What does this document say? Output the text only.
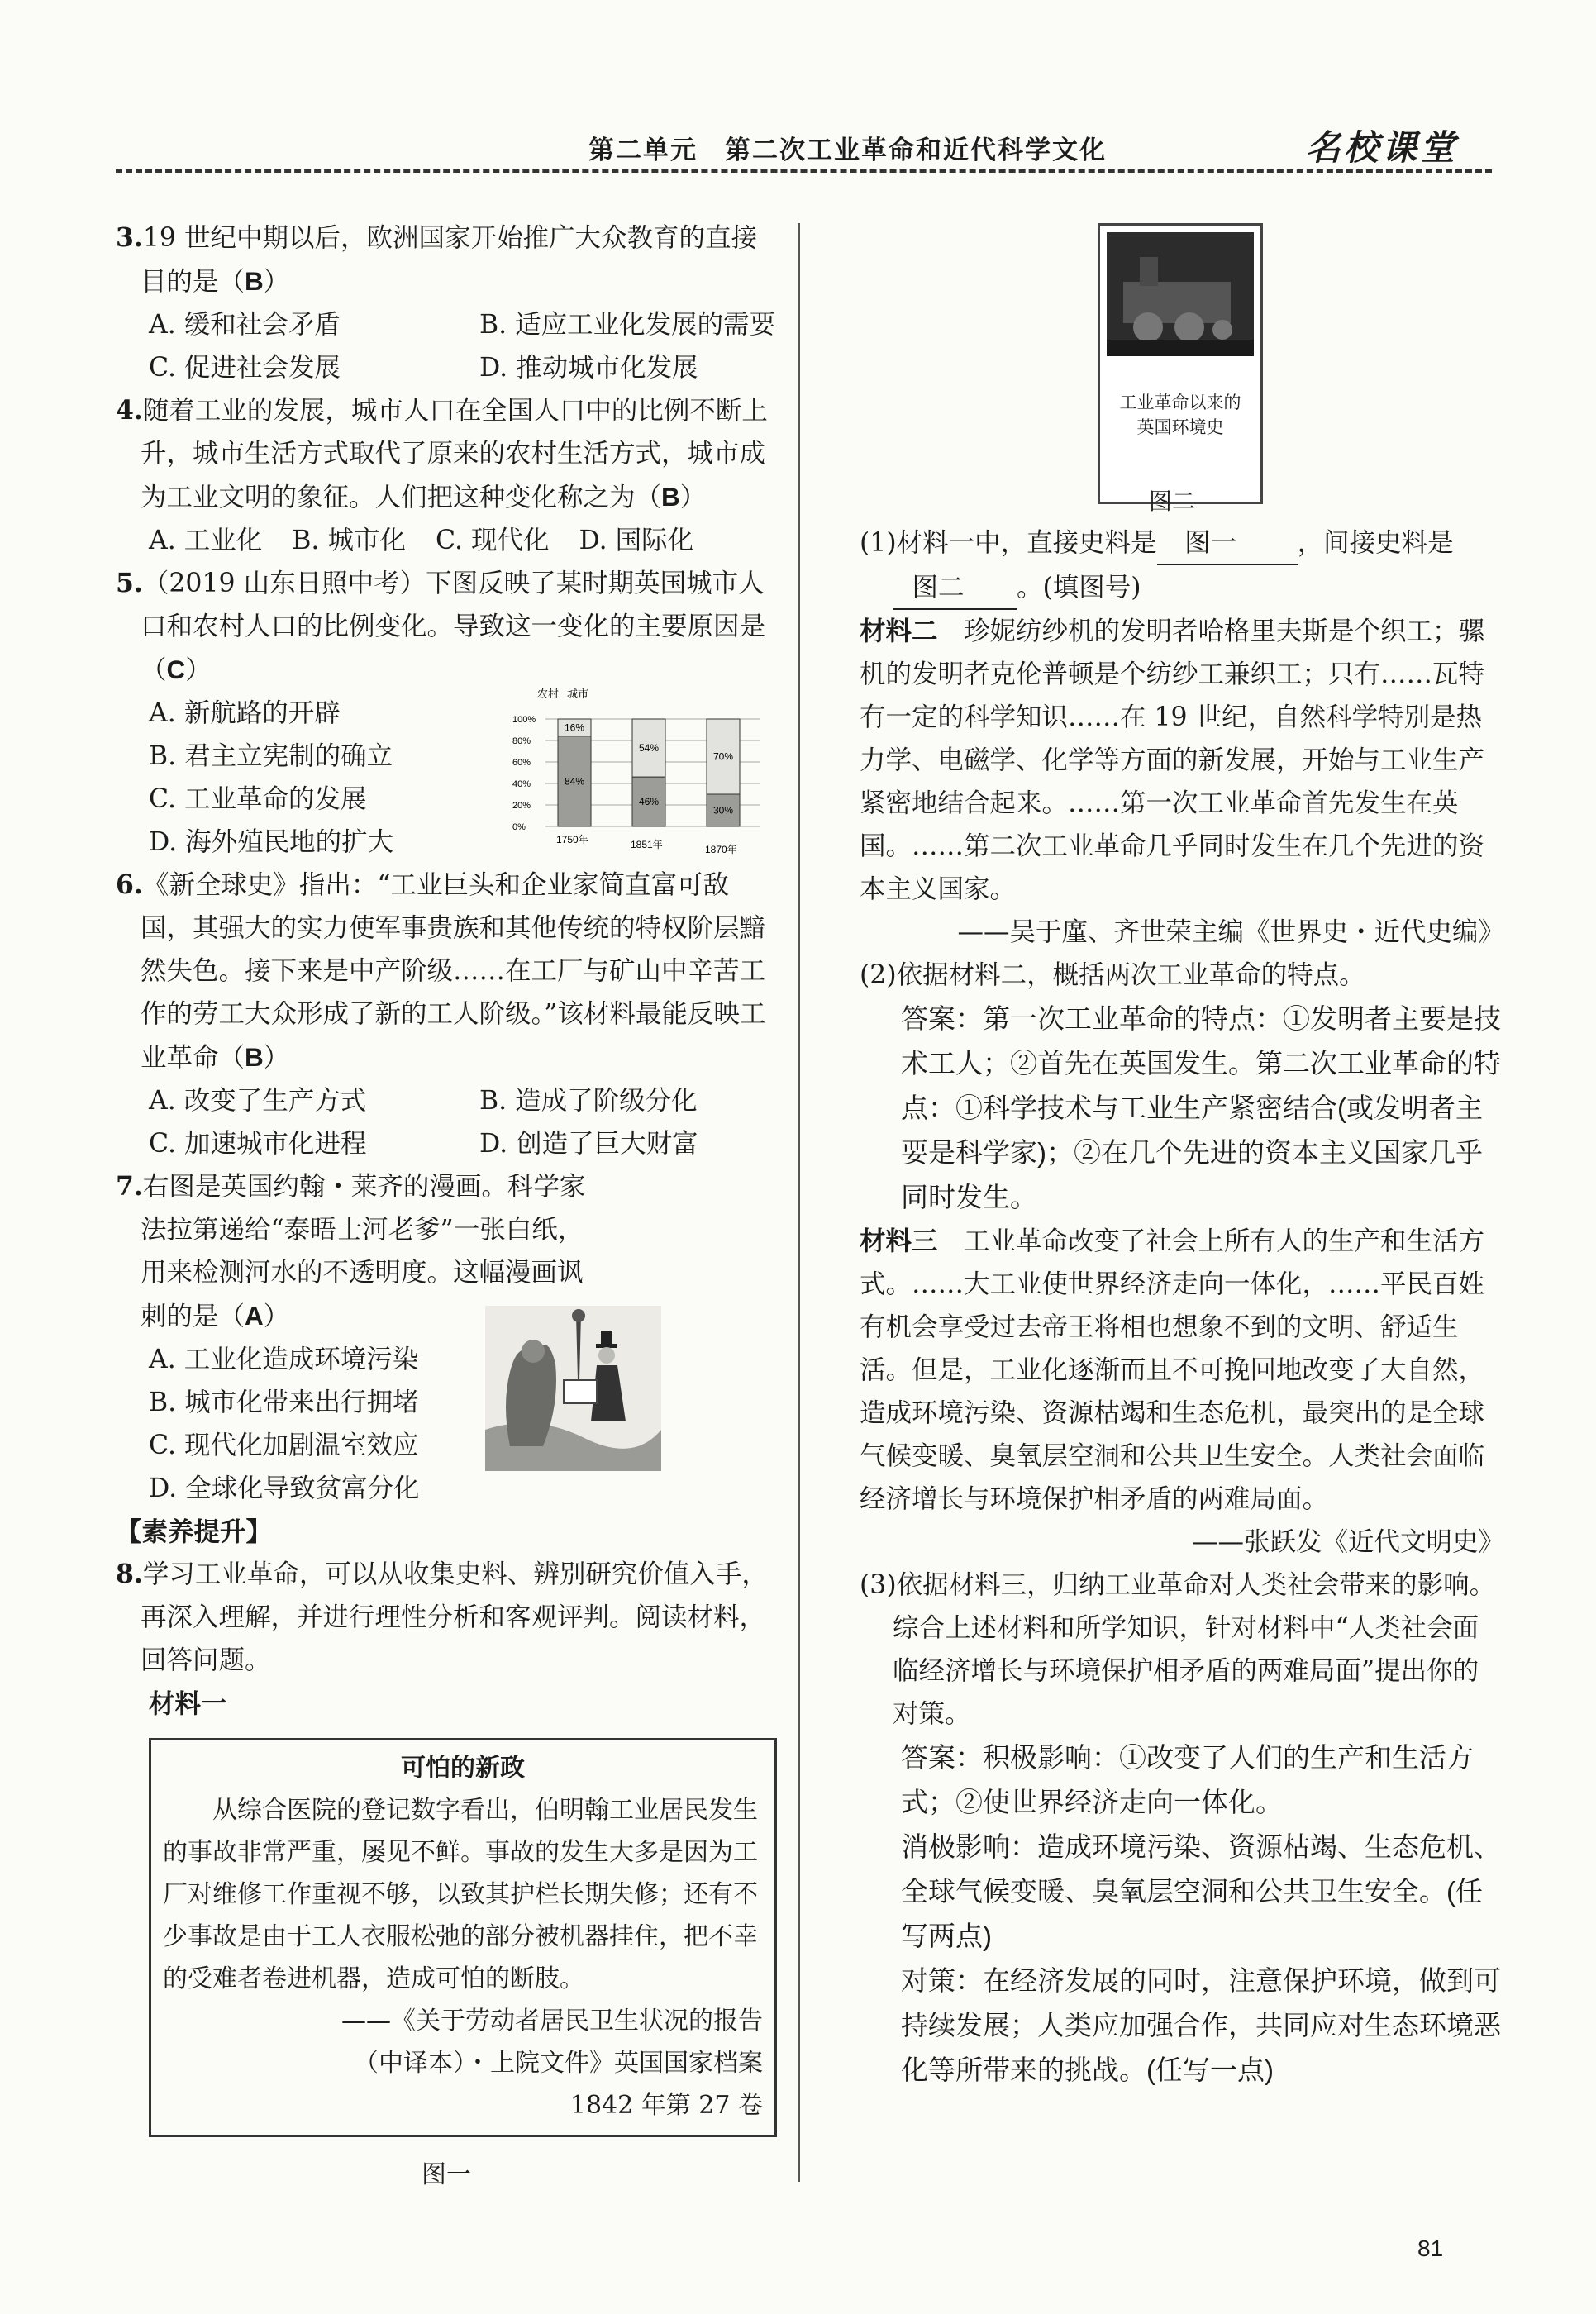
第二单元　第二次工业革命和近代科学文化	名校课堂
3.19 世纪中期以后，欧洲国家开始推广大众教育的直接目的是（B）
A. 缓和社会矛盾	B. 适应工业化发展的需要
C. 促进社会发展	D. 推动城市化发展
4.随着工业的发展，城市人口在全国人口中的比例不断上升，城市生活方式取代了原来的农村生活方式，城市成为工业文明的象征。人们把这种变化称之为（B）
A. 工业化 B. 城市化 C. 现代化 D. 国际化
5.（2019 山东日照中考）下图反映了某时期英国城市人口和农村人口的比例变化。导致这一变化的主要原因是（C）
A. 新航路的开辟
B. 君主立宪制的确立
C. 工业革命的发展
D. 海外殖民地的扩大
农村 城市
100%
80%
60%
40%
20%
0%
16%
84%
1750年
54%
46%
1851年
70%
30%
1870年
6.《新全球史》指出：“工业巨头和企业家简直富可敌国，其强大的实力使军事贵族和其他传统的特权阶层黯然失色。接下来是中产阶级……在工厂与矿山中辛苦工作的劳工大众形成了新的工人阶级。”该材料最能反映工业革命（B）
A. 改变了生产方式	B. 造成了阶级分化
C. 加速城市化进程	D. 创造了巨大财富
7.右图是英国约翰・莱齐的漫画。科学家法拉第递给“泰晤士河老爹”一张白纸，用来检测河水的不透明度。这幅漫画讽刺的是（A）
A. 工业化造成环境污染
B. 城市化带来出行拥堵
C. 现代化加剧温室效应
D. 全球化导致贫富分化
【素养提升】
8.学习工业革命，可以从收集史料、辨别研究价值入手，再深入理解，并进行理性分析和客观评判。阅读材料，回答问题。
材料一
可怕的新政
从综合医院的登记数字看出，伯明翰工业居民发生的事故非常严重，屡见不鲜。事故的发生大多是因为工厂对维修工作重视不够，以致其护栏长期失修；还有不少事故是由于工人衣服松弛的部分被机器挂住，把不幸的受难者卷进机器，造成可怕的断肢。
——《关于劳动者居民卫生状况的报告
（中译本）・上院文件》英国国家档案
1842 年第 27 卷
图一
工业革命以来的
英国环境史
图二
(1)材料一中，直接史料是 图一 ，间接史料是图二 。(填图号)
材料二　 珍妮纺纱机的发明者哈格里夫斯是个织工；骡机的发明者克伦普顿是个纺纱工兼织工；只有……瓦特有一定的科学知识……在 19 世纪，自然科学特别是热力学、电磁学、化学等方面的新发展，开始与工业生产紧密地结合起来。……第一次工业革命首先发生在英国。……第二次工业革命几乎同时发生在几个先进的资本主义国家。
——吴于廑、齐世荣主编《世界史・近代史编》
(2)依据材料二，概括两次工业革命的特点。
答案：第一次工业革命的特点：①发明者主要是技术工人；②首先在英国发生。第二次工业革命的特点：①科学技术与工业生产紧密结合(或发明者主要是科学家)；②在几个先进的资本主义国家几乎同时发生。
材料三　 工业革命改变了社会上所有人的生产和生活方式。……大工业使世界经济走向一体化，……平民百姓有机会享受过去帝王将相也想象不到的文明、舒适生活。但是，工业化逐渐而且不可挽回地改变了大自然，造成环境污染、资源枯竭和生态危机，最突出的是全球气候变暖、臭氧层空洞和公共卫生安全。人类社会面临经济增长与环境保护相矛盾的两难局面。
——张跃发《近代文明史》
(3)依据材料三，归纳工业革命对人类社会带来的影响。综合上述材料和所学知识，针对材料中“人类社会面临经济增长与环境保护相矛盾的两难局面”提出你的对策。
答案：积极影响：①改变了人们的生产和生活方式；②使世界经济走向一体化。
消极影响：造成环境污染、资源枯竭、生态危机、全球气候变暖、臭氧层空洞和公共卫生安全。(任写两点)
对策：在经济发展的同时，注意保护环境，做到可持续发展；人类应加强合作，共同应对生态环境恶化等所带来的挑战。(任写一点)
81
